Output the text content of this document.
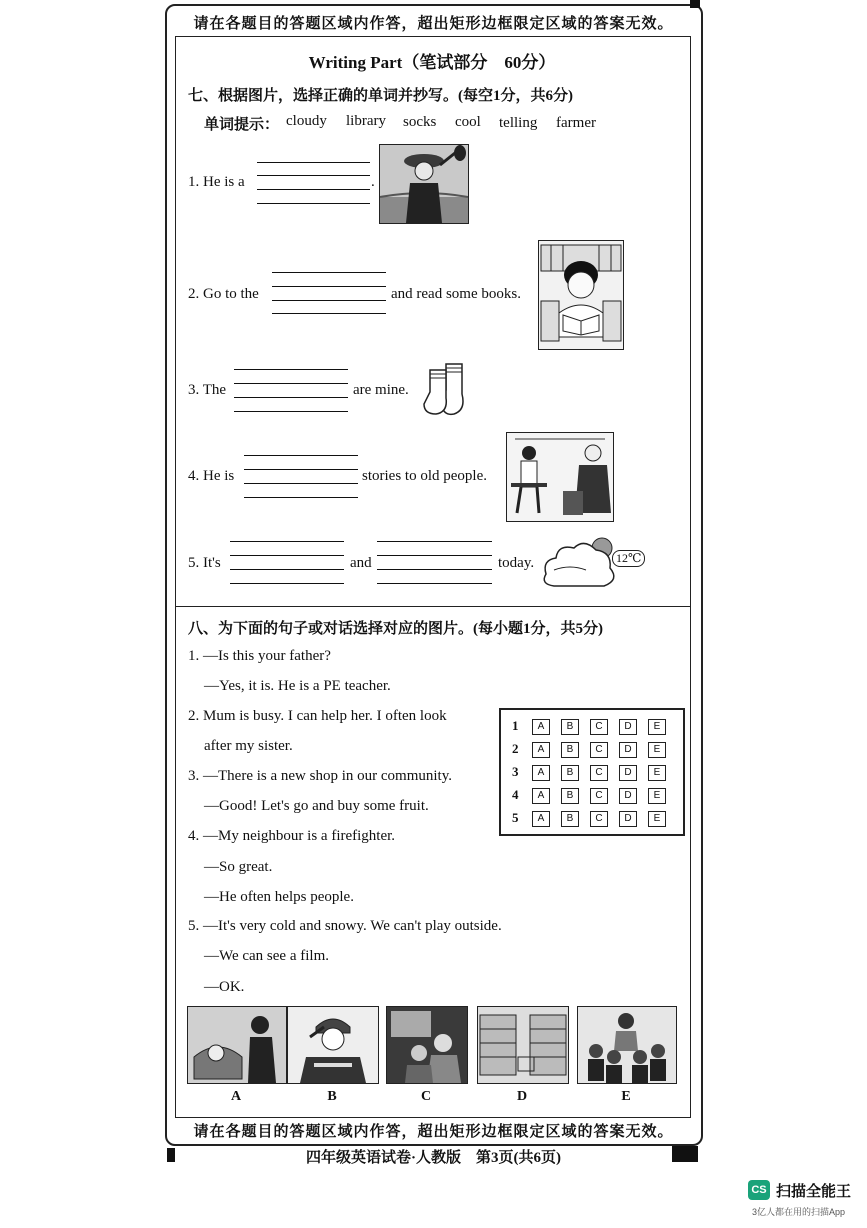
请在各题目的答题区域内作答，超出矩形边框限定区域的答案无效。
Writing Part（笔试部分　60分）
七、根据图片，选择正确的单词并抄写。(每空1分，共6分)
单词提示： cloudy library socks cool telling farmer
1. He is a	.
2. Go to the	and read some books.
3. The	are mine.
4. He is	stories to old people.
5. It's	and	today.	12℃
八、为下面的句子或对话选择对应的图片。(每小题1分，共5分)
1. —Is this your father?
—Yes, it is. He is a PE teacher.
2. Mum is busy. I can help her. I often look
after my sister.
3. —There is a new shop in our community.
—Good! Let's go and buy some fruit.
4. —My neighbour is a firefighter.
—So great.
—He often helps people.
5. —It's very cold and snowy. We can't play outside.
—We can see a film.
—OK.
1	A	B	C	D	E
2	A	B	C	D	E
3	A	B	C	D	E
4	A	B	C	D	E
5	A	B	C	D	E
A	B	C	D	E
请在各题目的答题区域内作答，超出矩形边框限定区域的答案无效。
四年级英语试卷·人教版　第3页(共6页)
CS 扫描全能王
3亿人都在用的扫描App
